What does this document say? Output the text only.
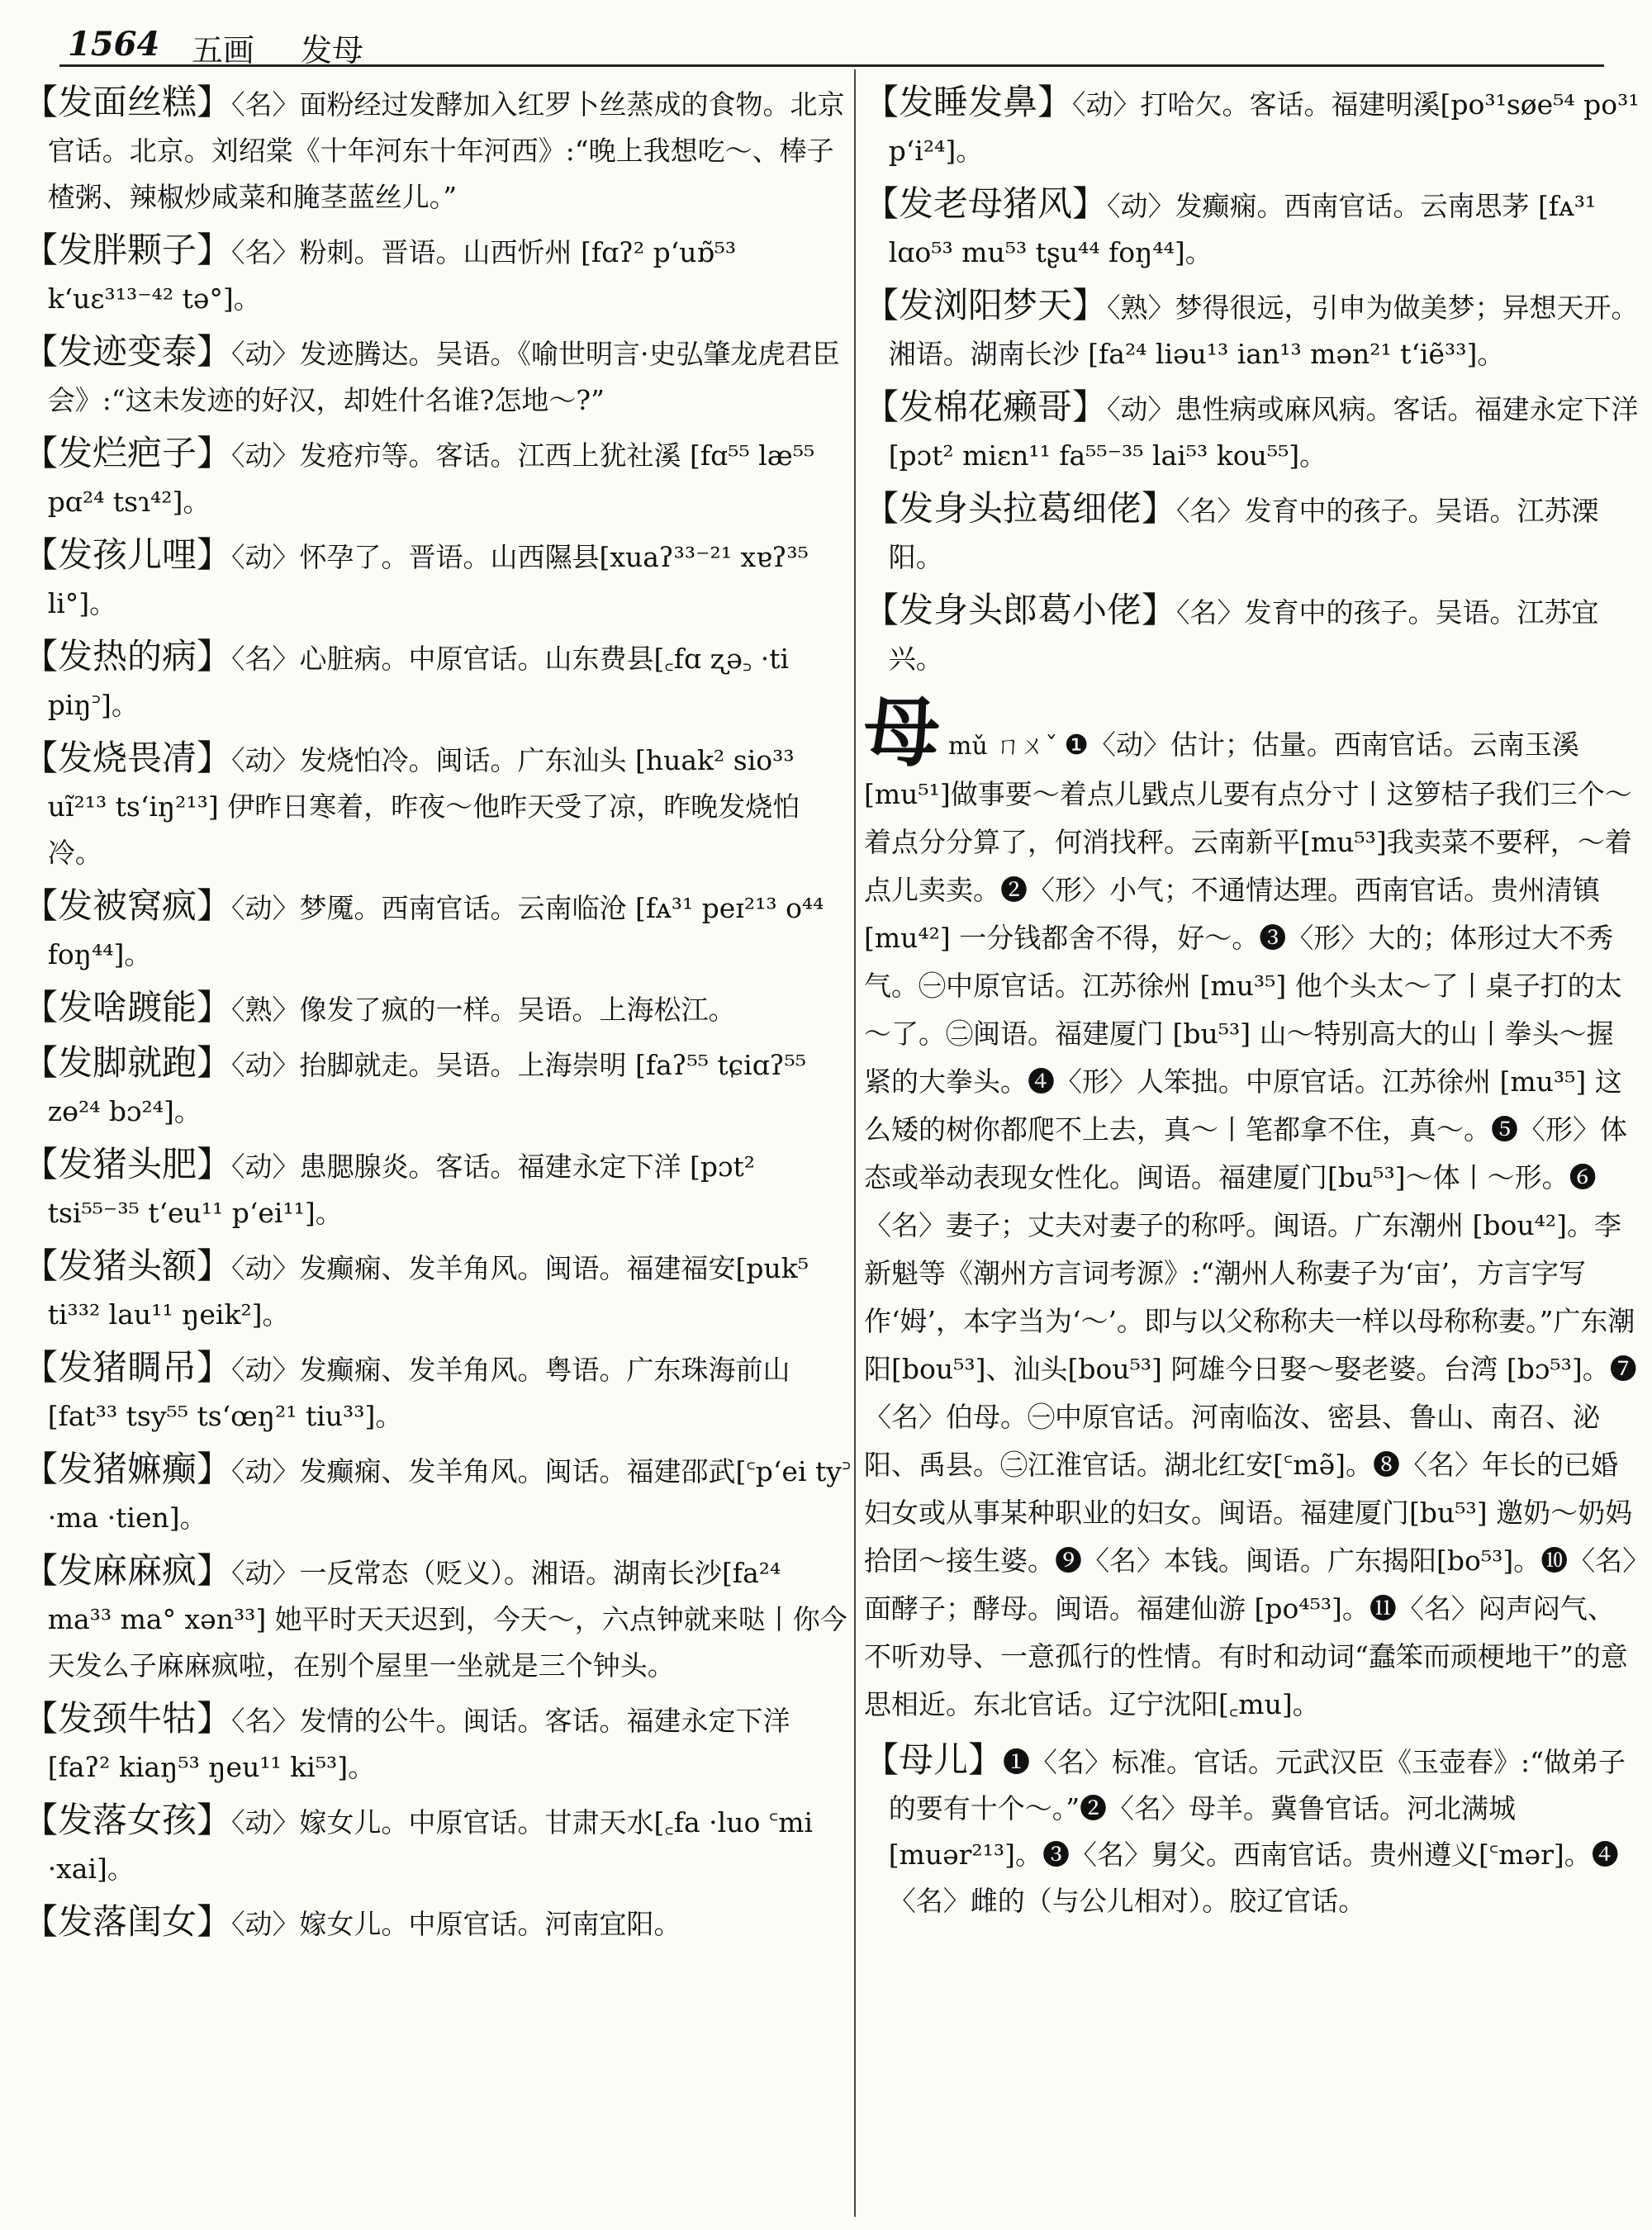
1564 五画 发母
【发面丝糕】〈名〉面粉经过发酵加入红罗卜丝蒸成的食物。北京官话。北京。刘绍棠《十年河东十年河西》:“晚上我想吃～、棒子楂粥、辣椒炒咸菜和腌茎蓝丝儿。”
【发胖颗子】〈名〉粉刺。晋语。山西忻州 [fɑʔ² pʻuɒ̃⁵³ kʻuɛ³¹³⁻⁴² tə°]。
【发迹变泰】〈动〉发迹腾达。吴语。《喻世明言·史弘肇龙虎君臣会》:“这未发迹的好汉，却姓什名谁?怎地～?”
【发烂疤子】〈动〉发疮疖等。客话。江西上犹社溪 [fɑ⁵⁵ læ⁵⁵ pɑ²⁴ tsɿ⁴²]。
【发孩儿哩】〈动〉怀孕了。晋语。山西隰县[xuaʔ³³⁻²¹ xɐʔ³⁵ li°]。
【发热的病】〈名〉心脏病。中原官话。山东费县[꜀fɑ ʐə꜆ ·ti piŋ꜄]。
【发烧畏凊】〈动〉发烧怕冷。闽话。广东汕头 [huak² sio³³ uĩ²¹³ tsʻiŋ²¹³] 伊昨日寒着，昨夜～他昨天受了凉，昨晚发烧怕冷。
【发被窝疯】〈动〉梦魇。西南官话。云南临沧 [fᴀ³¹ peɪ²¹³ o⁴⁴ foŋ⁴⁴]。
【发啥踱能】〈熟〉像发了疯的一样。吴语。上海松江。
【发脚就跑】〈动〉抬脚就走。吴语。上海崇明 [faʔ⁵⁵ tɕiɑʔ⁵⁵ zɵ²⁴ bɔ²⁴]。
【发猪头肥】〈动〉患腮腺炎。客话。福建永定下洋 [pɔt² tsi⁵⁵⁻³⁵ tʻeu¹¹ pʻei¹¹]。
【发猪头额】〈动〉发癫痫、发羊角风。闽语。福建福安[puk⁵ ti³³² lau¹¹ ŋeik²]。
【发猪睭吊】〈动〉发癫痫、发羊角风。粤语。广东珠海前山[fat³³ tsy⁵⁵ tsʻœŋ²¹ tiu³³]。
【发猪嫲癫】〈动〉发癫痫、发羊角风。闽话。福建邵武[꜂pʻei ty꜄ ·ma ·tien]。
【发麻麻疯】〈动〉一反常态（贬义）。湘语。湖南长沙[fa²⁴ ma³³ ma° xən³³] 她平时天天迟到，今天～，六点钟就来哒丨你今天发么子麻麻疯啦，在别个屋里一坐就是三个钟头。
【发颈牛牯】〈名〉发情的公牛。闽话。客话。福建永定下洋[faʔ² kiaŋ⁵³ ŋeu¹¹ ki⁵³]。
【发落女孩】〈动〉嫁女儿。中原官话。甘肃天水[꜀fa ·luo ꜂mi ·xai]。
【发落闺女】〈动〉嫁女儿。中原官话。河南宜阳。
【发睡发鼻】〈动〉打哈欠。客话。福建明溪[po³¹søe⁵⁴ po³¹ pʻi²⁴]。
【发老母猪风】〈动〉发癫痫。西南官话。云南思茅 [fᴀ³¹ lɑo⁵³ mu⁵³ tʂu⁴⁴ foŋ⁴⁴]。
【发浏阳梦天】〈熟〉梦得很远，引申为做美梦；异想天开。湘语。湖南长沙 [fa²⁴ liəu¹³ ian¹³ mən²¹ tʻiẽ³³]。
【发棉花癞哥】〈动〉患性病或麻风病。客话。福建永定下洋[pɔt² miɛn¹¹ fa⁵⁵⁻³⁵ lai⁵³ kou⁵⁵]。
【发身头拉葛细佬】〈名〉发育中的孩子。吴语。江苏溧阳。
【发身头郎葛小佬】〈名〉发育中的孩子。吴语。江苏宜兴。
母mǔ ㄇㄨˇ ❶〈动〉估计；估量。西南官话。云南玉溪[mu⁵¹]做事要～着点儿戥点儿要有点分寸丨这箩桔子我们三个～着点分分算了，何消找秤。云南新平[mu⁵³]我卖菜不要秤，～着点儿卖卖。❷〈形〉小气；不通情达理。西南官话。贵州清镇 [mu⁴²] 一分钱都舍不得，好～。❸〈形〉大的；体形过大不秀气。㊀中原官话。江苏徐州 [mu³⁵] 他个头太～了丨桌子打的太～了。㊁闽语。福建厦门 [bu⁵³] 山～特别高大的山丨拳头～握紧的大拳头。❹〈形〉人笨拙。中原官话。江苏徐州 [mu³⁵] 这么矮的树你都爬不上去，真～丨笔都拿不住，真～。❺〈形〉体态或举动表现女性化。闽语。福建厦门[bu⁵³]～体丨～形。❻〈名〉妻子；丈夫对妻子的称呼。闽语。广东潮州 [bou⁴²]。李新魁等《潮州方言词考源》:“潮州人称妻子为‘亩’，方言字写作‘姆’，本字当为‘～’。即与以父称称夫一样以母称称妻。”广东潮阳[bou⁵³]、汕头[bou⁵³] 阿雄今日娶～娶老婆。台湾 [bɔ⁵³]。❼〈名〉伯母。㊀中原官话。河南临汝、密县、鲁山、南召、泌阳、禹县。㊁江淮官话。湖北红安[꜂mə̃]。❽〈名〉年长的已婚妇女或从事某种职业的妇女。闽语。福建厦门[bu⁵³] 邀奶～奶妈 拾囝～接生婆。❾〈名〉本钱。闽语。广东揭阳[bo⁵³]。❿〈名〉面酵子；酵母。闽语。福建仙游 [po⁴⁵³]。⓫〈名〉闷声闷气、不听劝导、一意孤行的性情。有时和动词“蠢笨而顽梗地干”的意思相近。东北官话。辽宁沈阳[꜀mu]。
【母儿】❶〈名〉标准。官话。元武汉臣《玉壶春》:“做弟子的要有十个～。”❷〈名〉母羊。冀鲁官话。河北满城 [muər²¹³]。❸〈名〉舅父。西南官话。贵州遵义[꜂mər]。❹〈名〉雌的（与公儿相对）。胶辽官话。
